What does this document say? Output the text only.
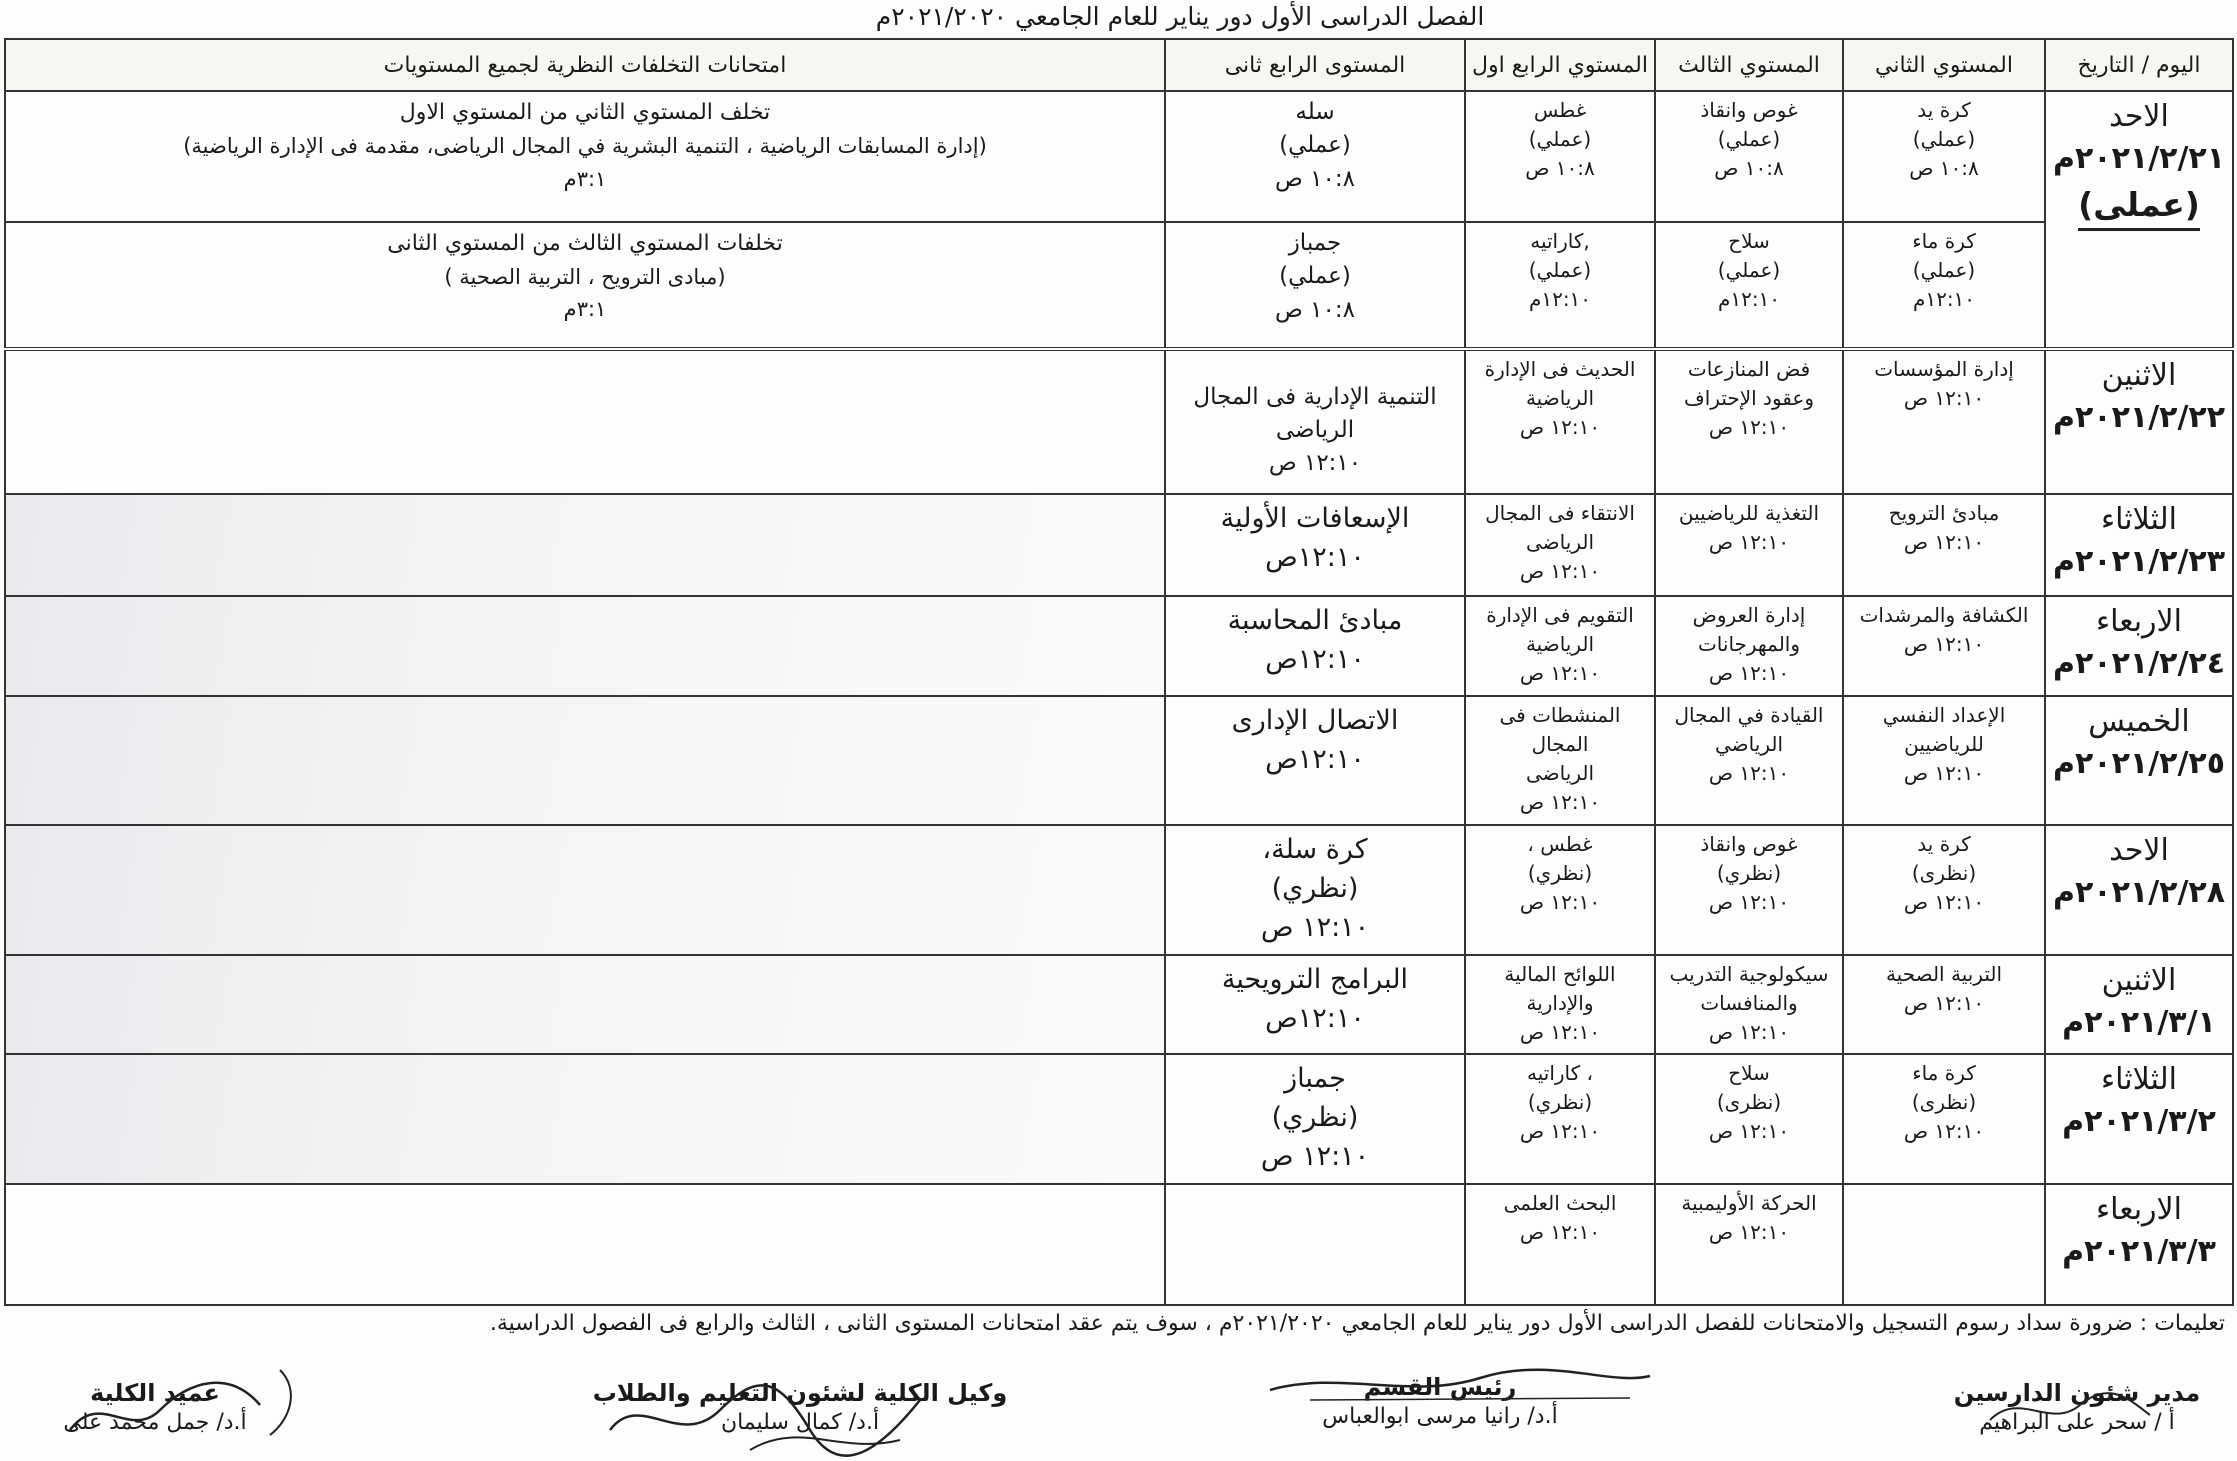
الفصل الدراسى الأول دور يناير للعام الجامعي ٢٠٢١/٢٠٢٠م
اليوم / التاريخ	المستوي الثاني	المستوي الثالث	المستوي الرابع اول	المستوى الرابع ثانى	امتحانات التخلفات النظرية لجميع المستويات

الاحد
٢٠٢١/٢/٢١م
(عملى)	كرة يد
(عملي)
١٠:٨ ص	غوص وانقاذ
(عملي)
١٠:٨ ص	غطس
(عملي)
١٠:٨ ص	سله
(عملي)
١٠:٨ ص	تخلف المستوي الثاني من المستوي الاول
(إدارة المسابقات الرياضية ، التنمية البشرية في المجال الرياضى، مقدمة فى الإدارة الرياضية)
٣:١م

	كرة ماء
(عملي)
١٢:١٠م	سلاح
(عملي)
١٢:١٠م	,كاراتيه
(عملي)
١٢:١٠م	جمباز
(عملي)
١٠:٨ ص	تخلفات المستوي الثالث من المستوي الثانى
(مبادى الترويح ، التربية الصحية )
٣:١م

الاثنين
٢٠٢١/٢/٢٢م	إدارة المؤسسات
١٢:١٠ ص	فض المنازعات
وعقود الإحتراف
١٢:١٠ ص	الحديث فى الإدارة
الرياضية
١٢:١٠ ص	التنمية الإدارية فى المجال
الرياضى
١٢:١٠ ص	

الثلاثاء
٢٠٢١/٢/٢٣م	مبادئ الترويح
١٢:١٠ ص	التغذية للرياضيين
١٢:١٠ ص	الانتقاء فى المجال
الرياضى
١٢:١٠ ص	الإسعافات الأولية
١٢:١٠ص	

الاربعاء
٢٠٢١/٢/٢٤م	الكشافة والمرشدات
١٢:١٠ ص	إدارة العروض
والمهرجانات
١٢:١٠ ص	التقويم فى الإدارة
الرياضية
١٢:١٠ ص	مبادئ المحاسبة
١٢:١٠ص	

الخميس
٢٠٢١/٢/٢٥م	الإعداد النفسي
للرياضيين
١٢:١٠ ص	القيادة في المجال
الرياضي
١٢:١٠ ص	المنشطات فى المجال
الرياضى
١٢:١٠ ص	الاتصال الإدارى
١٢:١٠ص	

الاحد
٢٠٢١/٢/٢٨م	كرة يد
(نظرى)
١٢:١٠ ص	غوص وانقاذ
(نظري)
١٢:١٠ ص	غطس ،
(نظري)
١٢:١٠ ص	كرة سلة،
(نظري)
١٢:١٠ ص	

الاثنين
٢٠٢١/٣/١م	التربية الصحية
١٢:١٠ ص	سيكولوجية التدريب
والمنافسات
١٢:١٠ ص	اللوائح المالية والإدارية
١٢:١٠ ص	البرامج الترويحية
١٢:١٠ص	

الثلاثاء
٢٠٢١/٣/٢م	كرة ماء
(نظرى)
١٢:١٠ ص	سلاح
(نظرى)
١٢:١٠ ص	، كاراتيه
(نظري)
١٢:١٠ ص	جمباز
(نظري)
١٢:١٠ ص	

الاربعاء
٢٠٢١/٣/٣م		الحركة الأوليمبية
١٢:١٠ ص	البحث العلمى
١٢:١٠ ص		

تعليمات : ضرورة سداد رسوم التسجيل والامتحانات للفصل الدراسى الأول دور يناير للعام الجامعي ٢٠٢١/٢٠٢٠م ، سوف يتم عقد امتحانات المستوى الثانى ، الثالث والرابع فى الفصول الدراسية.
مدير شئون الدارسين
أ / سحر على البراهيم
رئيس القسم
أ.د/ رانيا مرسى ابوالعباس
وكيل الكلية لشئون التعليم والطلاب
أ.د/ كمال سليمان
عميد الكلية
أ.د/ جمل محمد على
